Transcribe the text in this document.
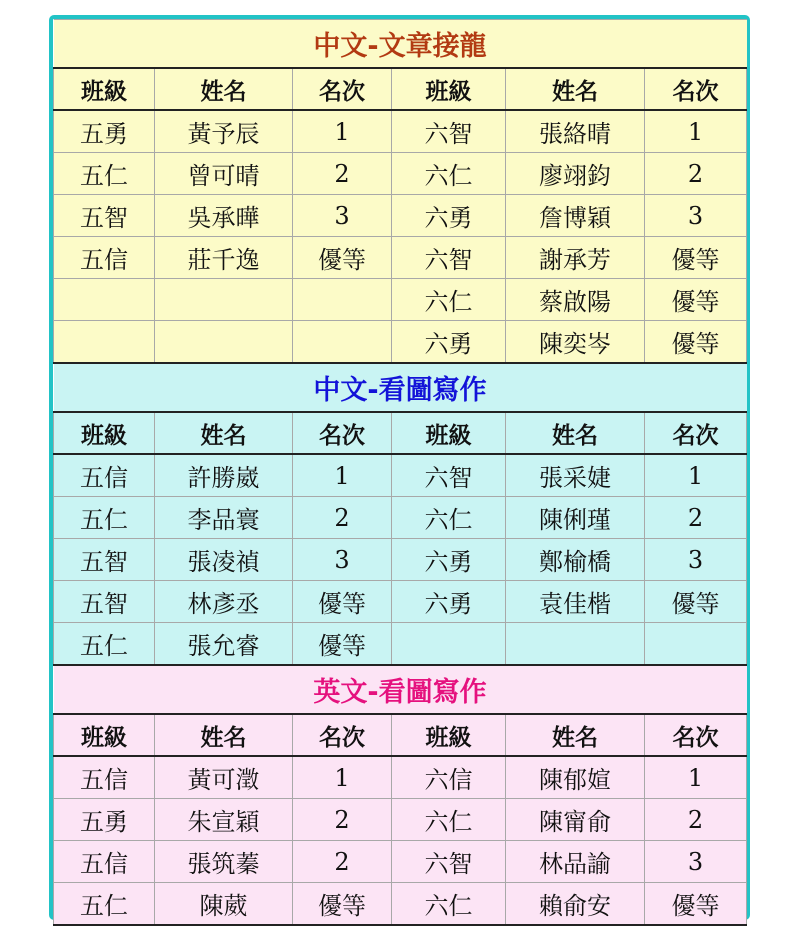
中文-文章接龍					
班級	姓名	名次	班級	姓名	名次
五勇	黃予辰	1	六智	張絡晴	1
五仁	曾可晴	2	六仁	廖翊鈞	2
五智	吳承曄	3	六勇	詹博穎	3
五信	莊千逸	優等	六智	謝承芳	優等
			六仁	蔡啟陽	優等
			六勇	陳奕岑	優等
中文-看圖寫作					
班級	姓名	名次	班級	姓名	名次
五信	許勝崴	1	六智	張采婕	1
五仁	李品寰	2	六仁	陳俐瑾	2
五智	張凌禎	3	六勇	鄭榆橋	3
五智	林彥丞	優等	六勇	袁佳楷	優等
五仁	張允睿	優等			
英文-看圖寫作					
班級	姓名	名次	班級	姓名	名次
五信	黃可澂	1	六信	陳郁媗	1
五勇	朱宣穎	2	六仁	陳甯俞	2
五信	張筑蓁	2	六智	林品諭	3
五仁	陳葳	優等	六仁	賴俞安	優等
